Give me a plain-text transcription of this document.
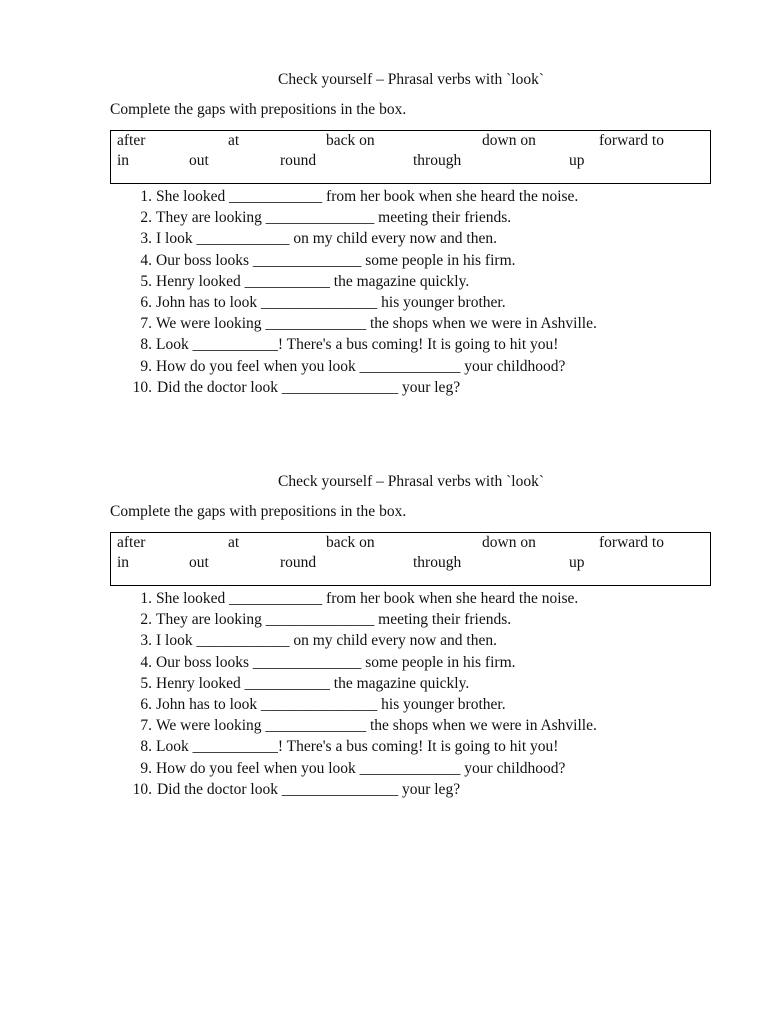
Check yourself – Phrasal verbs with `look`
Complete the gaps with prepositions in the box.
after	at	back on	down on	forward to
in	out	round	through	up
1. She looked ____________ from her book when she heard the noise.
2. They are looking ______________ meeting their friends.
3. I look ____________ on my child every now and then.
4. Our boss looks ______________ some people in his firm.
5. Henry looked ___________ the magazine quickly.
6. John has to look _______________ his younger brother.
7. We were looking _____________ the shops when we were in Ashville.
8. Look ___________! There's a bus coming! It is going to hit you!
9. How do you feel when you look _____________ your childhood?
10. Did the doctor look _______________ your leg?
Check yourself – Phrasal verbs with `look`
Complete the gaps with prepositions in the box.
after	at	back on	down on	forward to
in	out	round	through	up
1. She looked ____________ from her book when she heard the noise.
2. They are looking ______________ meeting their friends.
3. I look ____________ on my child every now and then.
4. Our boss looks ______________ some people in his firm.
5. Henry looked ___________ the magazine quickly.
6. John has to look _______________ his younger brother.
7. We were looking _____________ the shops when we were in Ashville.
8. Look ___________! There's a bus coming! It is going to hit you!
9. How do you feel when you look _____________ your childhood?
10. Did the doctor look _______________ your leg?
